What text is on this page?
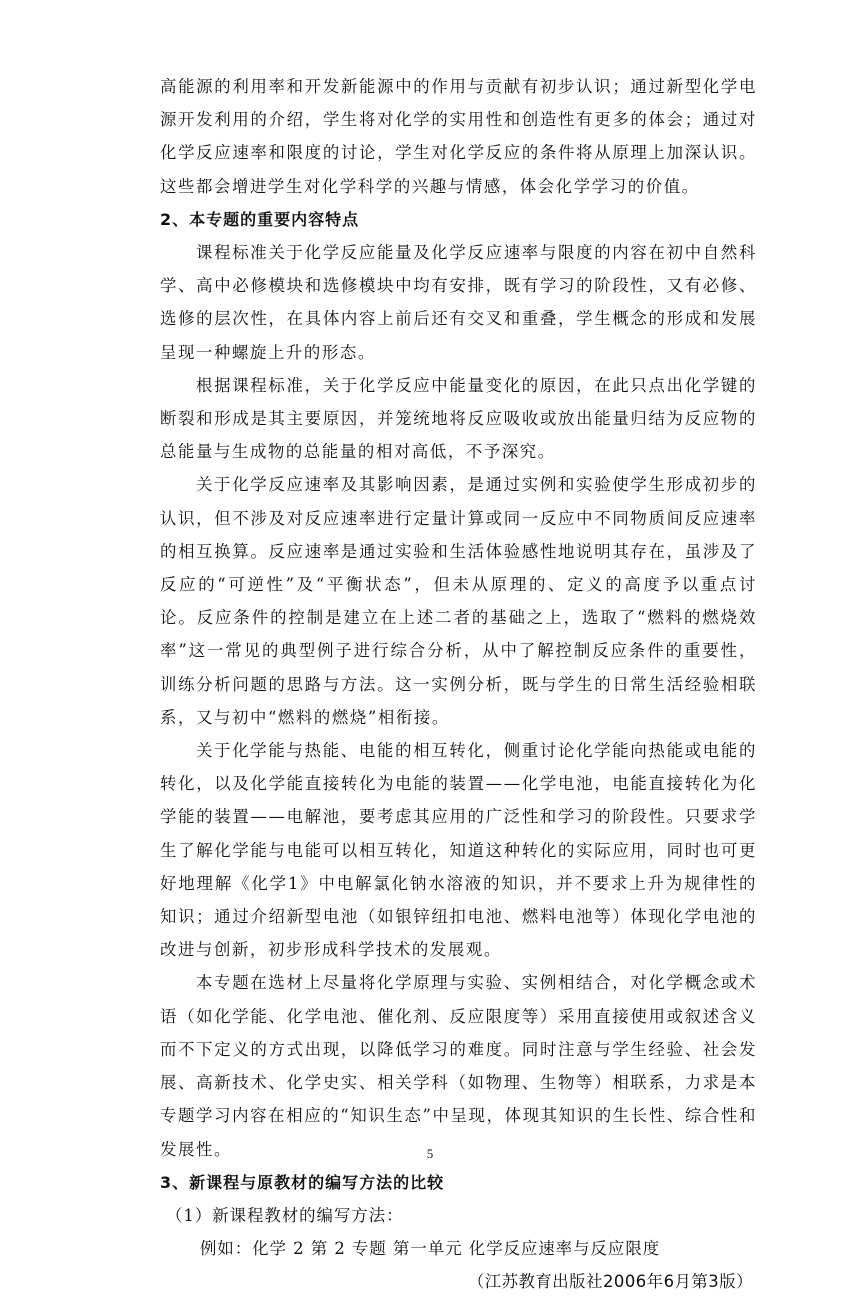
高能源的利用率和开发新能源中的作用与贡献有初步认识；通过新型化学电源开发利用的介绍，学生将对化学的实用性和创造性有更多的体会；通过对化学反应速率和限度的讨论，学生对化学反应的条件将从原理上加深认识。这些都会增进学生对化学科学的兴趣与情感，体会化学学习的价值。

2、本专题的重要内容特点

课程标准关于化学反应能量及化学反应速率与限度的内容在初中自然科学、高中必修模块和选修模块中均有安排，既有学习的阶段性，又有必修、选修的层次性，在具体内容上前后还有交叉和重叠，学生概念的形成和发展呈现一种螺旋上升的形态。

根据课程标准，关于化学反应中能量变化的原因，在此只点出化学键的断裂和形成是其主要原因，并笼统地将反应吸收或放出能量归结为反应物的总能量与生成物的总能量的相对高低，不予深究。

关于化学反应速率及其影响因素，是通过实例和实验使学生形成初步的认识，但不涉及对反应速率进行定量计算或同一反应中不同物质间反应速率的相互换算。反应速率是通过实验和生活体验感性地说明其存在，虽涉及了反应的“可逆性”及“平衡状态”，但未从原理的、定义的高度予以重点讨论。反应条件的控制是建立在上述二者的基础之上，选取了“燃料的燃烧效率”这一常见的典型例子进行综合分析，从中了解控制反应条件的重要性，训练分析问题的思路与方法。这一实例分析，既与学生的日常生活经验相联系，又与初中“燃料的燃烧”相衔接。

关于化学能与热能、电能的相互转化，侧重讨论化学能向热能或电能的转化，以及化学能直接转化为电能的装置——化学电池，电能直接转化为化学能的装置——电解池，要考虑其应用的广泛性和学习的阶段性。只要求学生了解化学能与电能可以相互转化，知道这种转化的实际应用，同时也可更好地理解《化学1》中电解氯化钠水溶液的知识，并不要求上升为规律性的知识；通过介绍新型电池（如银锌纽扣电池、燃料电池等）体现化学电池的改进与创新，初步形成科学技术的发展观。

本专题在选材上尽量将化学原理与实验、实例相结合，对化学概念或术语（如化学能、化学电池、催化剂、反应限度等）采用直接使用或叙述含义而不下定义的方式出现，以降低学习的难度。同时注意与学生经验、社会发展、高新技术、化学史实、相关学科（如物理、生物等）相联系，力求是本专题学习内容在相应的“知识生态”中呈现，体现其知识的生长性、综合性和发展性。

3、新课程与原教材的编写方法的比较

（1）新课程教材的编写方法：

例如：化学 2 第 2 专题 第一单元 化学反应速率与反应限度

（江苏教育出版社2006年6月第3版）

5
